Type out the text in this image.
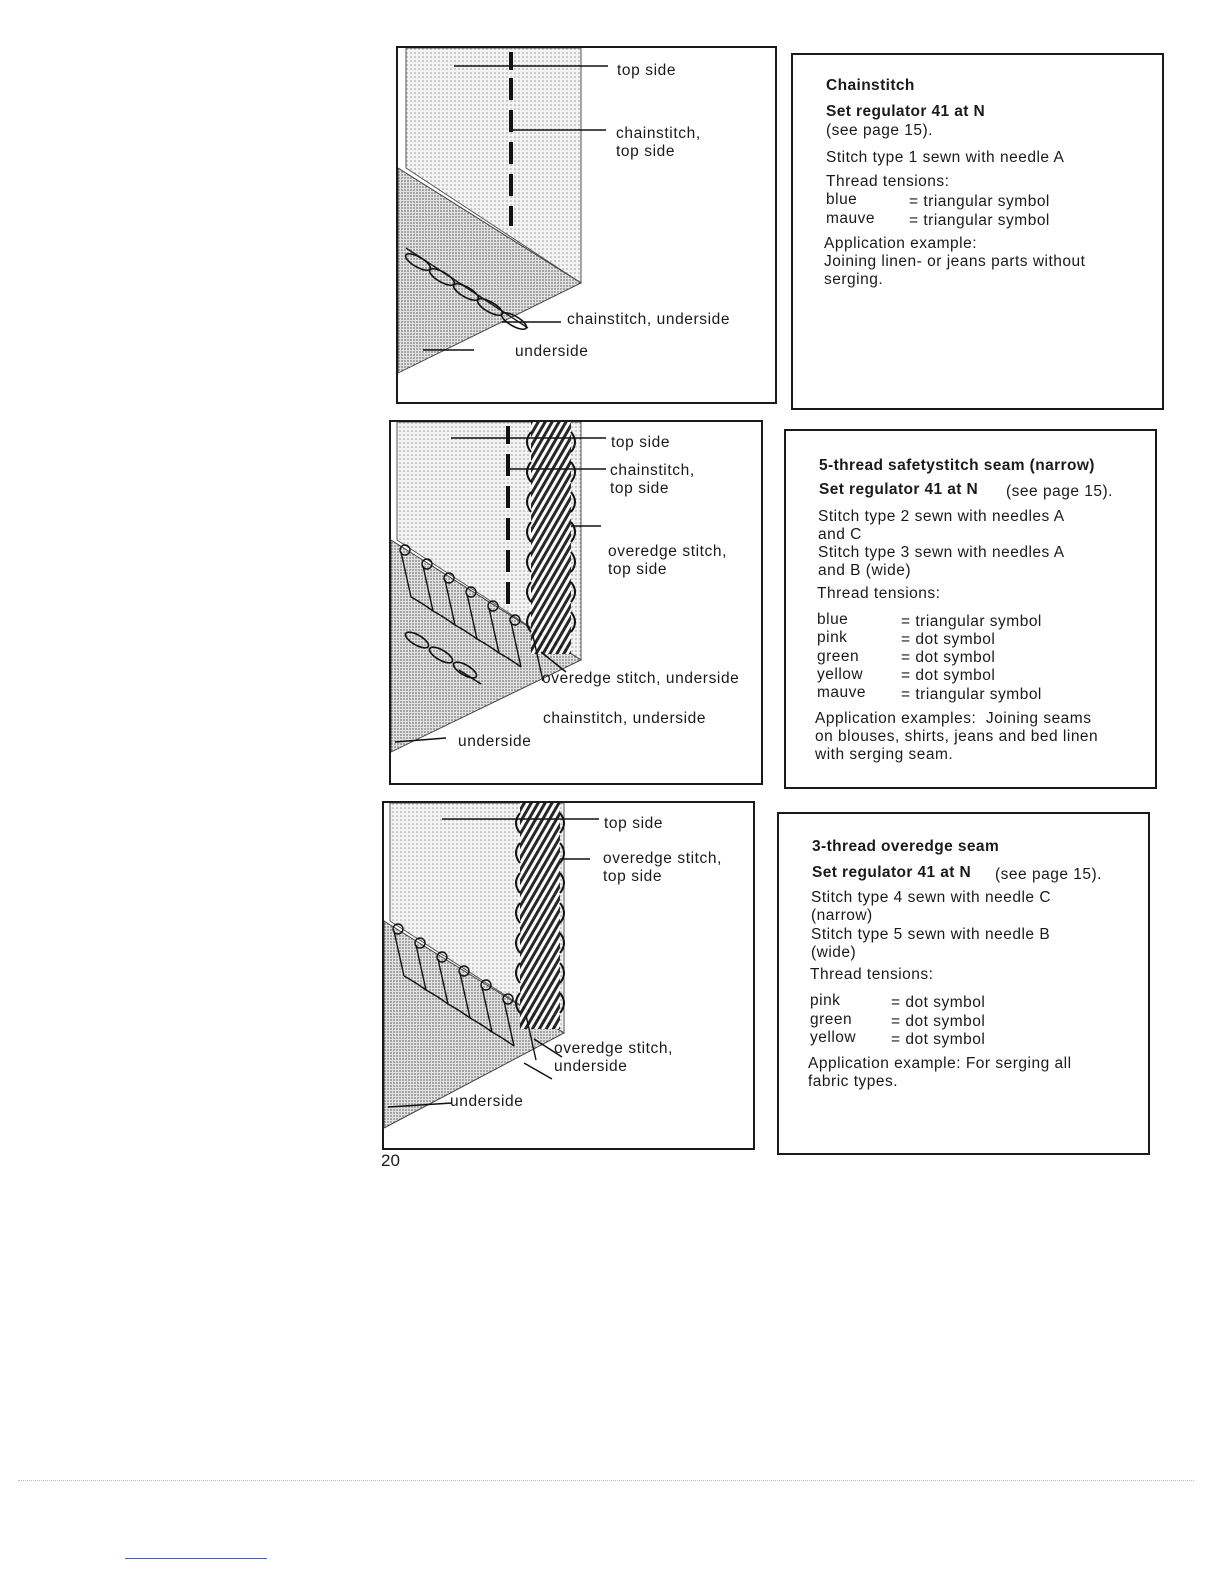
top side
chainstitch,
top side
chainstitch, underside
underside
Chainstitch
Set regulator 41 at N
(see page 15).
Stitch type 1 sewn with needle A
Thread tensions:
blue	= triangular symbol
mauve = triangular symbol
Application example:
Joining linen- or jeans parts without
serging.
top side
chainstitch,
top side
overedge stitch,
top side
overedge stitch, underside
chainstitch, underside
underside
5-thread safetystitch seam (narrow)
Set regulator 41 at N (see page 15).
Stitch type 2 sewn with needles A
and C
Stitch type 3 sewn with needles A
and B (wide)
Thread tensions:
blue	= triangular symbol
pink	= dot symbol
green	= dot symbol
yellow = dot symbol
mauve = triangular symbol
Application examples:  Joining seams
on blouses, shirts, jeans and bed linen
with serging seam.
top side
overedge stitch,
top side
overedge stitch,
underside
underside
3-thread overedge seam
Set regulator 41 at N (see page 15).
Stitch type 4 sewn with needle C
(narrow)
Stitch type 5 sewn with needle B
(wide)
Thread tensions:
pink	= dot symbol
green	= dot symbol
yellow = dot symbol
Application example: For serging all
fabric types.
20
